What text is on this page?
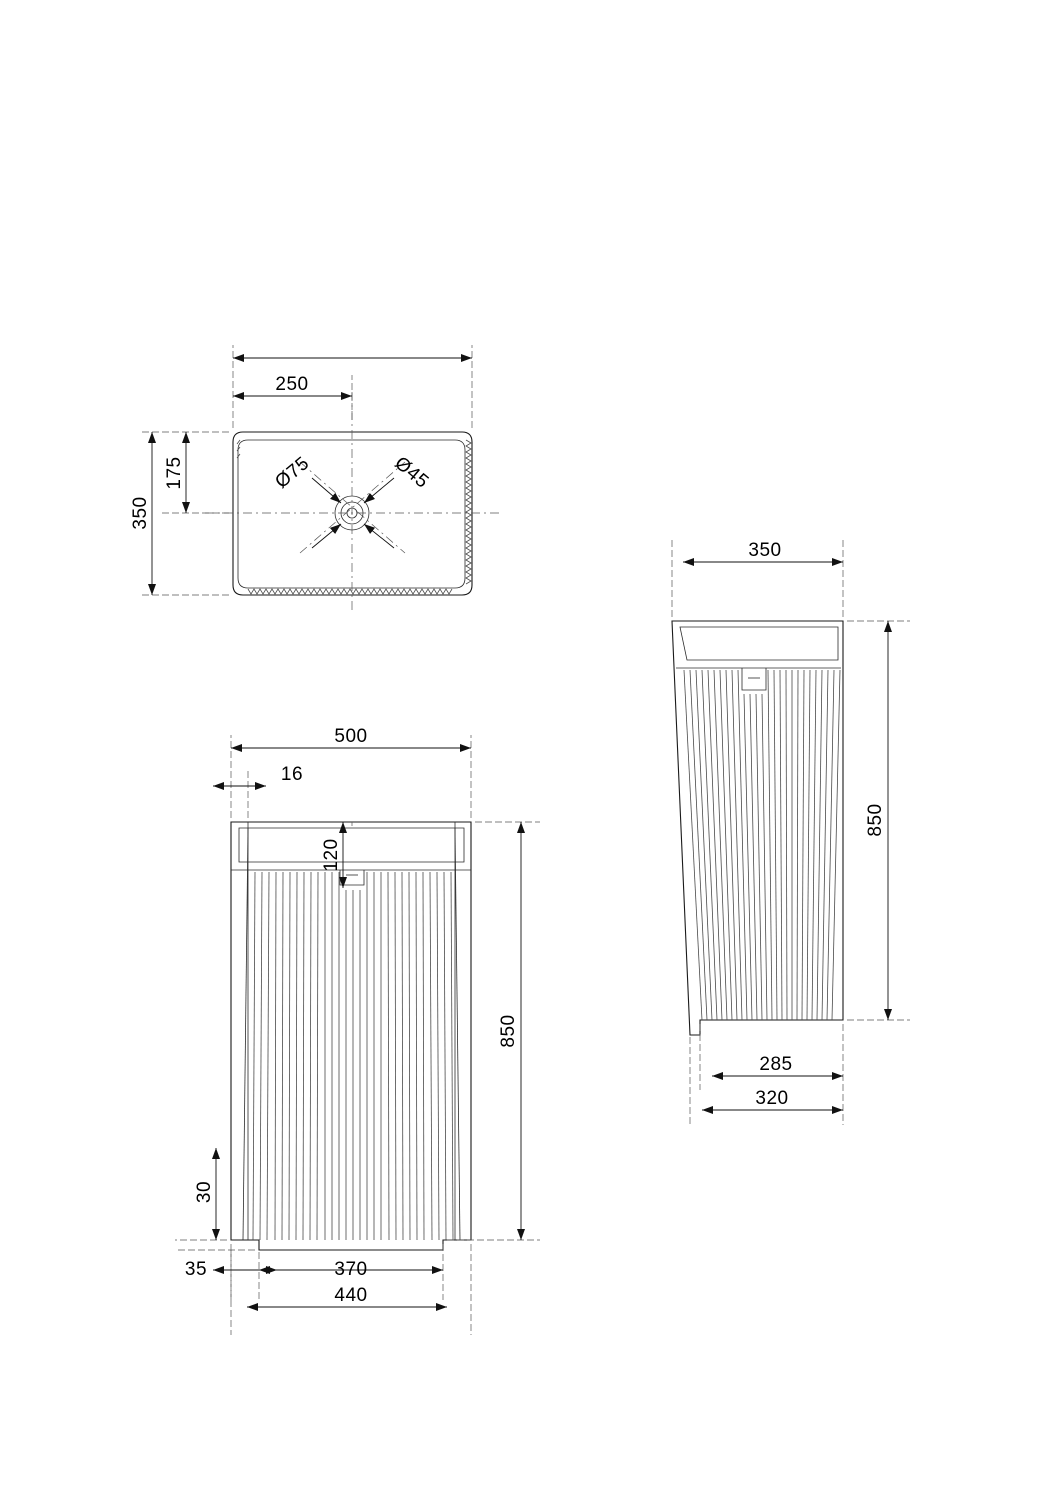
250
175
350
Ø75	Ø45
500
16
120
850
30
35	370
440
350
850
285
320
